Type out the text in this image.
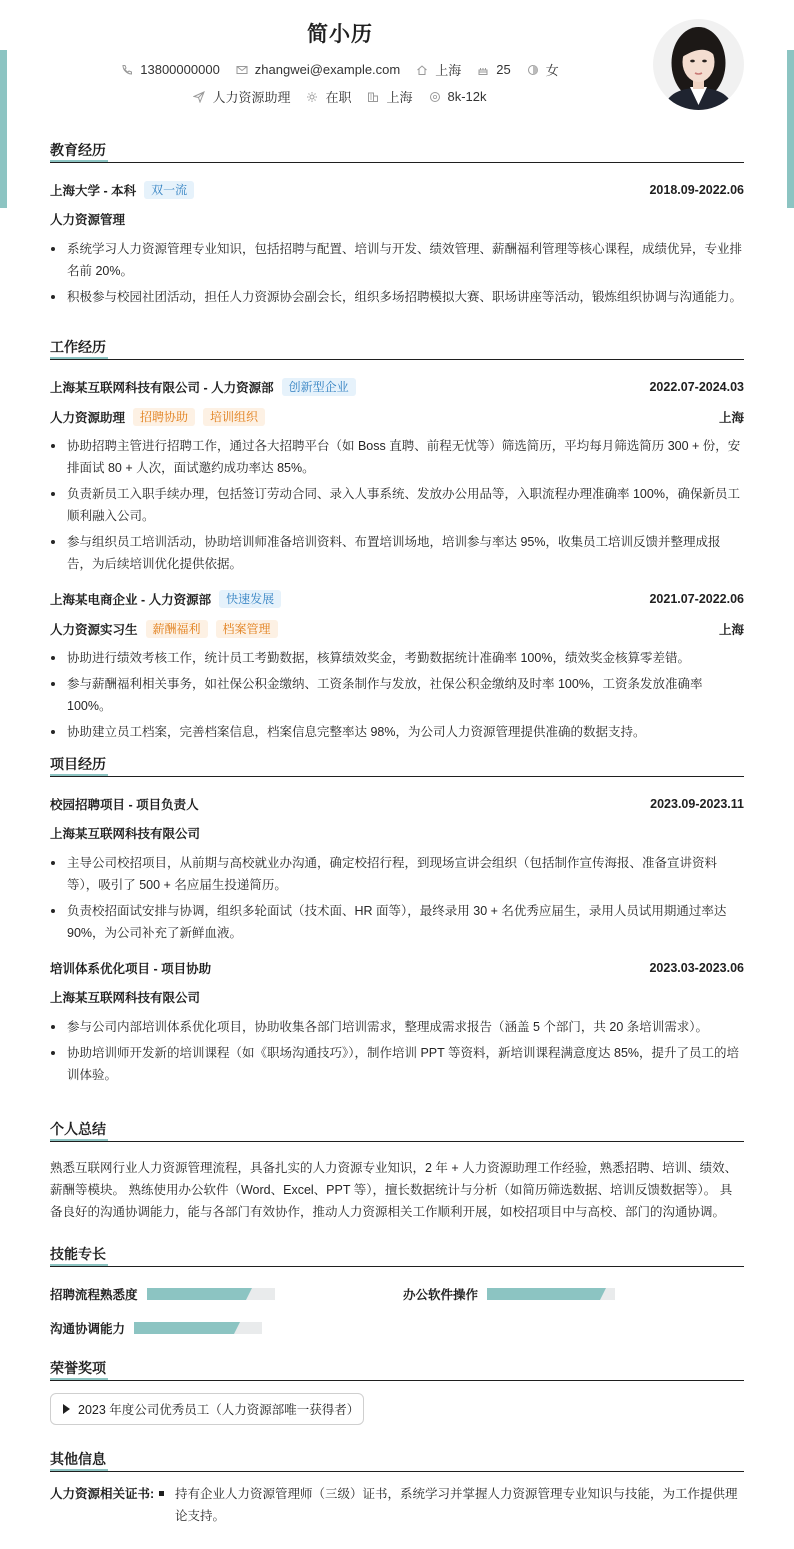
简小历
13800000000	zhangwei@example.com	上海	25	女
人力资源助理	在职	上海	8k-12k
教育经历
上海大学 - 本科	双一流	2018.09-2022.06
人力资源管理
系统学习人力资源管理专业知识，包括招聘与配置、培训与开发、绩效管理、薪酬福利管理等核心课程，成绩优异，专业排名前 20%。
积极参与校园社团活动，担任人力资源协会副会长，组织多场招聘模拟大赛、职场讲座等活动，锻炼组织协调与沟通能力。
工作经历
上海某互联网科技有限公司 - 人力资源部	创新型企业	2022.07-2024.03
人力资源助理	招聘协助	培训组织	上海
协助招聘主管进行招聘工作，通过各大招聘平台（如 Boss 直聘、前程无忧等）筛选简历，平均每月筛选简历 300 + 份，安排面试 80 + 人次，面试邀约成功率达 85%。
负责新员工入职手续办理，包括签订劳动合同、录入人事系统、发放办公用品等，入职流程办理准确率 100%，确保新员工顺利融入公司。
参与组织员工培训活动，协助培训师准备培训资料、布置培训场地，培训参与率达 95%，收集员工培训反馈并整理成报告，为后续培训优化提供依据。
上海某电商企业 - 人力资源部	快速发展	2021.07-2022.06
人力资源实习生	薪酬福利	档案管理	上海
协助进行绩效考核工作，统计员工考勤数据，核算绩效奖金，考勤数据统计准确率 100%，绩效奖金核算零差错。
参与薪酬福利相关事务，如社保公积金缴纳、工资条制作与发放，社保公积金缴纳及时率 100%，工资条发放准确率 100%。
协助建立员工档案，完善档案信息，档案信息完整率达 98%，为公司人力资源管理提供准确的数据支持。
项目经历
校园招聘项目 - 项目负责人	2023.09-2023.11
上海某互联网科技有限公司
主导公司校招项目，从前期与高校就业办沟通，确定校招行程，到现场宣讲会组织（包括制作宣传海报、准备宣讲资料等），吸引了 500 + 名应届生投递简历。
负责校招面试安排与协调，组织多轮面试（技术面、HR 面等），最终录用 30 + 名优秀应届生，录用人员试用期通过率达 90%，为公司补充了新鲜血液。
培训体系优化项目 - 项目协助	2023.03-2023.06
上海某互联网科技有限公司
参与公司内部培训体系优化项目，协助收集各部门培训需求，整理成需求报告（涵盖 5 个部门，共 20 条培训需求）。
协助培训师开发新的培训课程（如《职场沟通技巧》），制作培训 PPT 等资料，新培训课程满意度达 85%，提升了员工的培训体验。
个人总结
熟悉互联网行业人力资源管理流程，具备扎实的人力资源专业知识，2 年 + 人力资源助理工作经验，熟悉招聘、培训、绩效、薪酬等模块。 熟练使用办公软件（Word、Excel、PPT 等），擅长数据统计与分析（如简历筛选数据、培训反馈数据等）。 具备良好的沟通协调能力，能与各部门有效协作，推动人力资源相关工作顺利开展，如校招项目中与高校、部门的沟通协调。
技能专长
招聘流程熟悉度	办公软件操作
沟通协调能力
荣誉奖项
2023 年度公司优秀员工（人力资源部唯一获得者）
其他信息
人力资源相关证书:	持有企业人力资源管理师（三级）证书，系统学习并掌握人力资源管理专业知识与技能，为工作提供理论支持。
